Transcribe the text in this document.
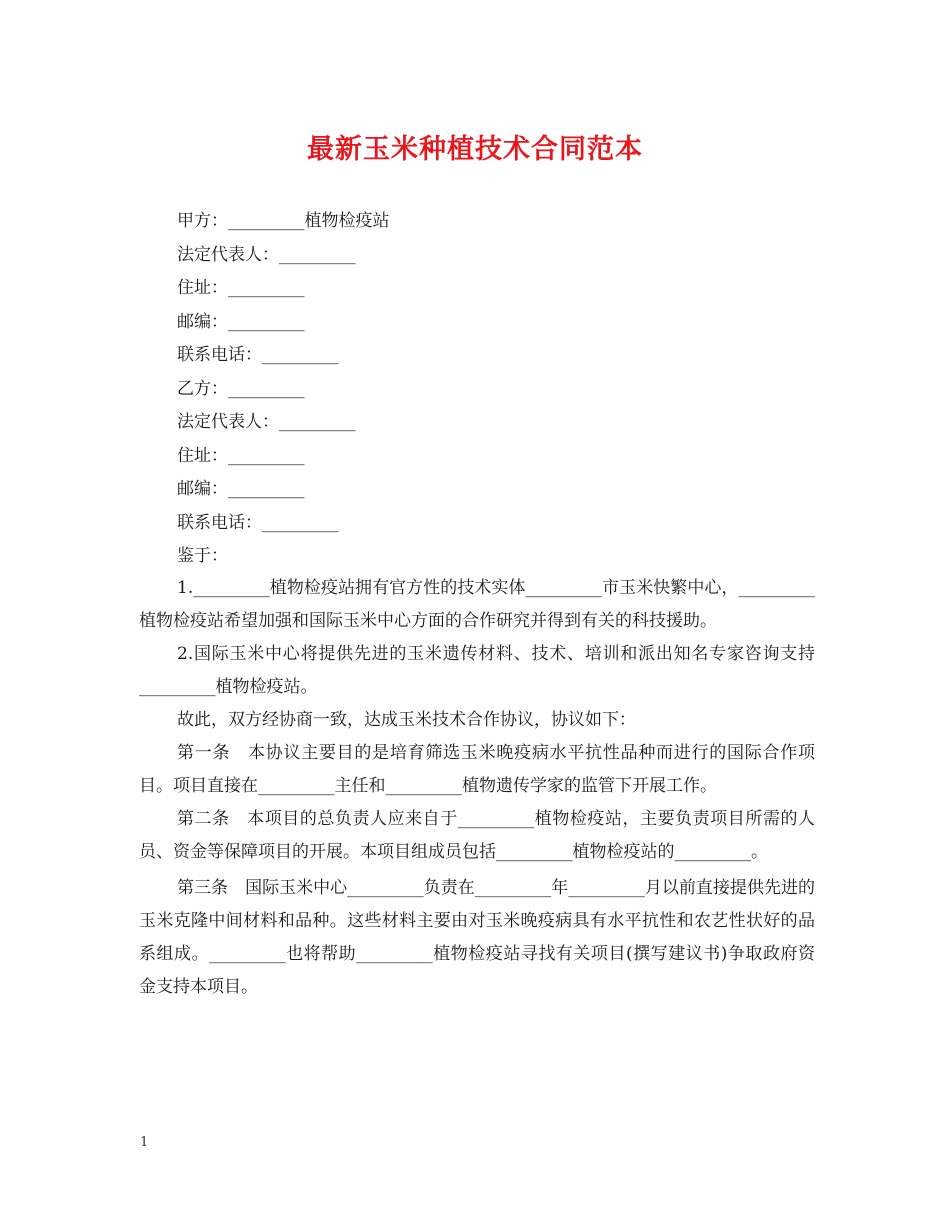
最新玉米种植技术合同范本
甲方：_________植物检疫站
法定代表人：_________
住址：_________
邮编：_________
联系电话：_________
乙方：_________
法定代表人：_________
住址：_________
邮编：_________
联系电话：_________
鉴于：

1._________植物检疫站拥有官方性的技术实体_________市玉米快繁中心，_________植物检疫站希望加强和国际玉米中心方面的合作研究并得到有关的科技援助。

2.国际玉米中心将提供先进的玉米遗传材料、技术、培训和派出知名专家咨询支持_________植物检疫站。

故此，双方经协商一致，达成玉米技术合作协议，协议如下：

第一条　本协议主要目的是培育筛选玉米晚疫病水平抗性品种而进行的国际合作项目。项目直接在_________主任和_________植物遗传学家的监管下开展工作。

第二条　本项目的总负责人应来自于_________植物检疫站，主要负责项目所需的人员、资金等保障项目的开展。本项目组成员包括_________植物检疫站的_________。

第三条　国际玉米中心_________负责在_________年_________月以前直接提供先进的玉米克隆中间材料和品种。这些材料主要由对玉米晚疫病具有水平抗性和农艺性状好的品系组成。_________也将帮助_________植物检疫站寻找有关项目(撰写建议书)争取政府资金支持本项目。

1
